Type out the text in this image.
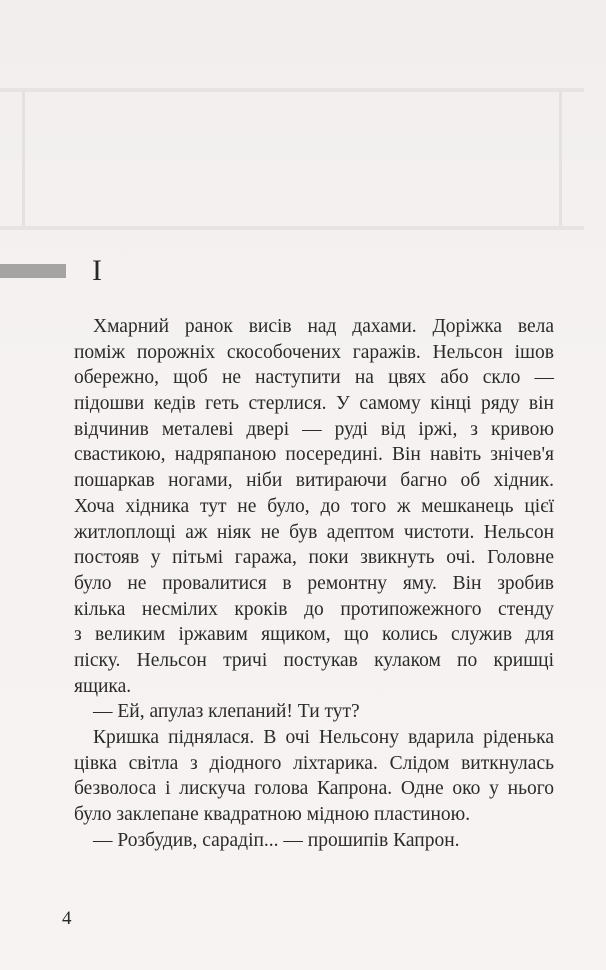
I
Хмарний ранок висів над дахами. Доріжка вела
поміж порожніх скособочених гаражів. Нельсон ішов
обережно, щоб не наступити на цвях або скло —
підошви кедів геть стерлися. У самому кінці ряду він
відчинив металеві двері — руді від іржі, з кривою
свастикою, надряпаною посередині. Він навіть знічев'я
пошаркав ногами, ніби витираючи багно об хідник.
Хоча хідника тут не було, до того ж мешканець цієї
житлоплощі аж ніяк не був адептом чистоти. Нельсон
постояв у пітьмі гаража, поки звикнуть очі. Головне
було не провалитися в ремонтну яму. Він зробив
кілька несмілих кроків до протипожежного стенду
з великим іржавим ящиком, що колись служив для
піску. Нельсон тричі постукав кулаком по кришці
ящика.
— Ей, апулаз клепаний! Ти тут?
Кришка піднялася. В очі Нельсону вдарила ріденька
цівка світла з діодного ліхтарика. Слідом виткнулась
безволоса і лискуча голова Капрона. Одне око у нього
було заклепане квадратною мідною пластиною.
— Розбудив, сарадіп... — прошипів Капрон.
4
